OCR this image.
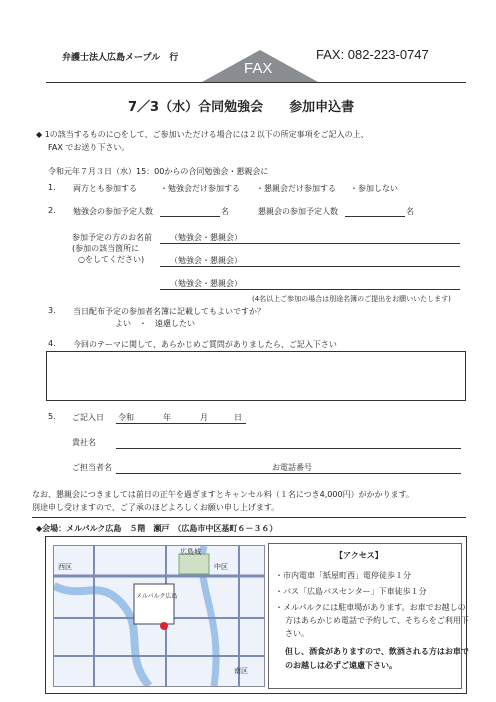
弁護士法人広島メープル　行
FAX
FAX: 082-223-0747
7／3（水）合同勉強会　　参加申込書
◆ 1の該当するものに○をして、ご参加いただける場合には２以下の所定事項をご記入の上、
FAX でお送り下さい。
令和元年７月３日（水）15：00からの合同勉強会・懇親会に
1. 両方とも参加する	・勉強会だけ参加する ・懇親会だけ参加する ・参加しない
2. 勉強会の参加予定人数	名	懇親会の参加予定人数	名
参加予定の方のお名前
(参加の該当箇所に
○をしてください)
（勉強会・懇親会）
（勉強会・懇親会）
（勉強会・懇親会）
(4名以上ご参加の場合は別途名簿のご提出をお願いいたします)
3. 当日配布予定の参加者名簿に記載してもよいですか？
よい　・　遠慮したい
4. 今回のテーマに関して、あらかじめご質問がありましたら、ご記入下さい
5. ご記入日 令和	年	月	日
貴社名
ご担当者名	お電話番号
なお、懇親会につきましては前日の正午を過ぎますとキャンセル料（１名につき4,000円）がかかります。
別途申し受けますので、ご了承のほどよろしくお願い申し上げます。
◆会場：メルパルク広島　５階　瀬戸　（広島市中区基町６－３６）
西区	中区
広島城
南区
メルパルク広島
【アクセス】
・市内電車「紙屋町西」電停徒歩１分
・バス「広島バスセンター」下車徒歩１分
・メルパルクには駐車場があります。お車でお越しの
方はあらかじめ電話で予約して、そちらをご利用下
さい。
但し、酒食がありますので、飲酒される方はお車で
のお越しは必ずご遠慮下さい。
